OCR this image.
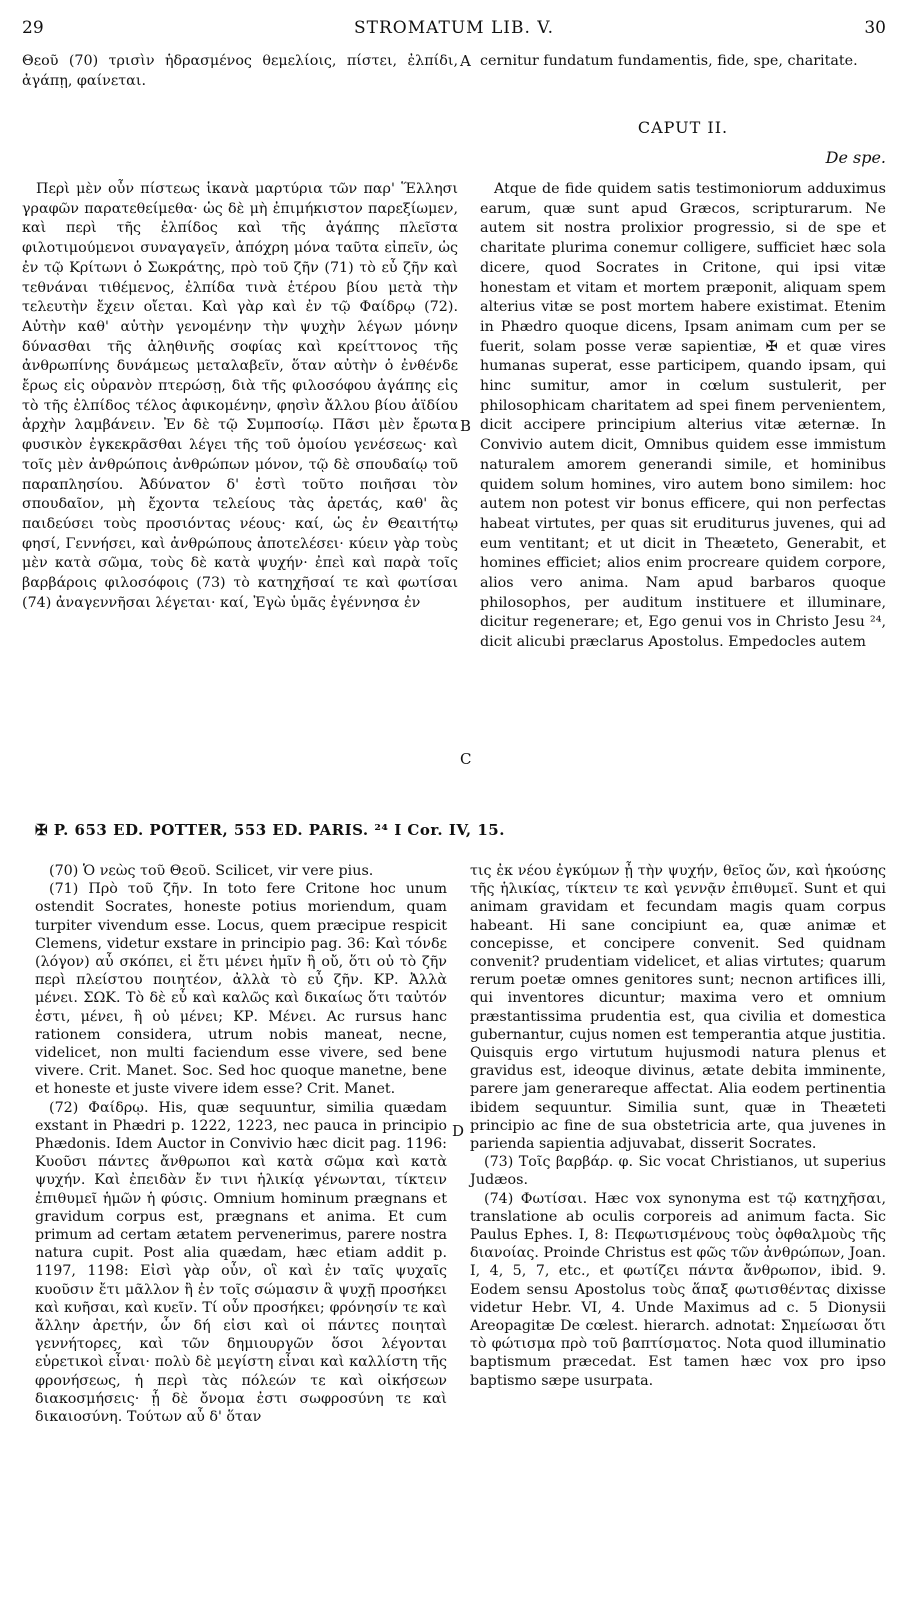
29	STROMATUM LIB. V.	30

Θεοῦ (70) τρισὶν ἡδρασμένος θεμελίοις, πίστει, ἐλπίδι, ἀγάπῃ, φαίνεται.

A cernitur fundatum fundamentis, fide, spe, charitate.

CAPUT II.
De spe.

Περὶ μὲν οὖν πίστεως ἱκανὰ μαρτύρια τῶν παρ' Ἕλλησι γραφῶν παρατεθείμεθα· ὡς δὲ μὴ ἐπιμήκιστον παρεξίωμεν, καὶ περὶ τῆς ἐλπίδος καὶ τῆς ἀγάπης πλεῖστα φιλοτιμούμενοι συναγαγεῖν, ἀπόχρη μόνα ταῦτα εἰπεῖν, ὡς ἐν τῷ Κρίτωνι ὁ Σωκράτης, πρὸ τοῦ ζῆν (71) τὸ εὖ ζῆν καὶ τεθνάναι τιθέμενος, ἐλπίδα τινὰ ἑτέρου βίου μετὰ τὴν τελευτὴν ἔχειν οἴεται. Καὶ γὰρ καὶ ἐν τῷ Φαίδρῳ (72). Αὐτὴν καθ' αὑτὴν γενομένην τὴν ψυχὴν λέγων μόνην δύνασθαι τῆς ἀληθινῆς σοφίας καὶ κρείττονος τῆς ἀνθρωπίνης δυνάμεως μεταλαβεῖν, ὅταν αὐτὴν ὁ ἐνθένδε ἔρως εἰς οὐρανὸν πτερώσῃ, διὰ τῆς φιλοσόφου ἀγάπης εἰς τὸ τῆς ἐλπίδος τέλος ἀφικομένην, φησὶν ἄλλου βίου ἀϊδίου ἀρχὴν λαμβάνειν. Ἐν δὲ τῷ Συμποσίῳ. Πᾶσι μὲν ἔρωτα φυσικὸν ἐγκεκρᾶσθαι λέγει τῆς τοῦ ὁμοίου γενέσεως· καὶ τοῖς μὲν ἀνθρώποις ἀνθρώπων μόνον, τῷ δὲ σπουδαίῳ τοῦ παραπλησίου. Ἀδύνατον δ' ἐστὶ τοῦτο ποιῆσαι τὸν σπουδαῖον, μὴ ἔχοντα τελείους τὰς ἀρετάς, καθ' ἃς παιδεύσει τοὺς προσιόντας νέους· καί, ὡς ἐν Θεαιτήτῳ φησί, Γεννήσει, καὶ ἀνθρώπους ἀποτελέσει· κύειν γὰρ τοὺς μὲν κατὰ σῶμα, τοὺς δὲ κατὰ ψυχήν· ἐπεὶ καὶ παρὰ τοῖς βαρβάροις φιλοσόφοις (73) τὸ κατηχῆσαί τε καὶ φωτίσαι (74) ἀναγεννῆσαι λέγεται· καί, Ἐγὼ ὑμᾶς ἐγέννησα ἐν

B
C

Atque de fide quidem satis testimoniorum adduximus earum, quæ sunt apud Græcos, scripturarum. Ne autem sit nostra prolixior progressio, si de spe et charitate plurima conemur colligere, sufficiet hæc sola dicere, quod Socrates in Critone, qui ipsi vitæ honestam et vitam et mortem præponit, aliquam spem alterius vitæ se post mortem habere existimat. Etenim in Phædro quoque dicens, Ipsam animam cum per se fuerit, solam posse veræ sapientiæ, ✠ et quæ vires humanas superat, esse participem, quando ipsam, qui hinc sumitur, amor in cœlum sustulerit, per philosophicam charitatem ad spei finem pervenientem, dicit accipere principium alterius vitæ æternæ. In Convivio autem dicit, Omnibus quidem esse immistum naturalem amorem generandi simile, et hominibus quidem solum homines, viro autem bono similem: hoc autem non potest vir bonus efficere, qui non perfectas habeat virtutes, per quas sit eruditurus juvenes, qui ad eum ventitant; et ut dicit in Theæteto, Generabit, et homines efficiet; alios enim procreare quidem corpore, alios vero anima. Nam apud barbaros quoque philosophos, per auditum instituere et illuminare, dicitur regenerare; et, Ego genui vos in Christo Jesu ²⁴, dicit alicubi præclarus Apostolus. Empedocles autem

✠ P. 653 ED. POTTER, 553 ED. PARIS. ²⁴ I Cor. IV, 15.

(70) Ὁ νεὼς τοῦ Θεοῦ. Scilicet, vir vere pius.

(71) Πρὸ τοῦ ζῆν. In toto fere Critone hoc unum ostendit Socrates, honeste potius moriendum, quam turpiter vivendum esse. Locus, quem præcipue respicit Clemens, videtur exstare in principio pag. 36: Καὶ τόνδε (λόγον) αὖ σκόπει, εἰ ἔτι μένει ἡμῖν ἢ οὔ, ὅτι οὐ τὸ ζῆν περὶ πλείστου ποιητέον, ἀλλὰ τὸ εὖ ζῆν. ΚΡ. Ἀλλὰ μένει. ΣΩΚ. Τὸ δὲ εὖ καὶ καλῶς καὶ δικαίως ὅτι ταὐτόν ἐστι, μένει, ἢ οὐ μένει; ΚΡ. Μένει. Ac rursus hanc rationem considera, utrum nobis maneat, necne, videlicet, non multi faciendum esse vivere, sed bene vivere. Crit. Manet. Soc. Sed hoc quoque manetne, bene et honeste et juste vivere idem esse? Crit. Manet.

(72) Φαίδρῳ. His, quæ sequuntur, similia quædam exstant in Phædri p. 1222, 1223, nec pauca in principio Phædonis. Idem Auctor in Convivio hæc dicit pag. 1196: Κυοῦσι πάντες ἄνθρωποι καὶ κατὰ σῶμα καὶ κατὰ ψυχήν. Καὶ ἐπειδὰν ἔν τινι ἡλικίᾳ γένωνται, τίκτειν ἐπιθυμεῖ ἡμῶν ἡ φύσις. Omnium hominum prægnans et gravidum corpus est, prægnans et anima. Et cum primum ad certam ætatem pervenerimus, parere nostra natura cupit. Post alia quædam, hæc etiam addit p. 1197, 1198: Εἰσὶ γὰρ οὖν, οἳ καὶ ἐν ταῖς ψυχαῖς κυοῦσιν ἔτι μᾶλλον ἢ ἐν τοῖς σώμασιν ἃ ψυχῇ προσήκει καὶ κυῆσαι, καὶ κυεῖν. Τί οὖν προσήκει; φρόνησίν τε καὶ ἄλλην ἀρετήν, ὧν δή εἰσι καὶ οἱ πάντες ποιηταὶ γεννήτορες, καὶ τῶν δημιουργῶν ὅσοι λέγονται εὑρετικοὶ εἶναι· πολὺ δὲ μεγίστη εἶναι καὶ καλλίστη τῆς φρονήσεως, ἡ περὶ τὰς πόλεών τε καὶ οἰκήσεων διακοσμήσεις· ᾗ δὲ ὄνομα ἐστι σωφροσύνη τε καὶ δικαιοσύνη. Τούτων αὖ δ' ὅταν

D

τις ἐκ νέου ἐγκύμων ᾖ τὴν ψυχήν, θεῖος ὤν, καὶ ἡκούσης τῆς ἡλικίας, τίκτειν τε καὶ γεννᾷν ἐπιθυμεῖ. Sunt et qui animam gravidam et fecundam magis quam corpus habeant. Hi sane concipiunt ea, quæ animæ et concepisse, et concipere convenit. Sed quidnam convenit? prudentiam videlicet, et alias virtutes; quarum rerum poetæ omnes genitores sunt; necnon artifices illi, qui inventores dicuntur; maxima vero et omnium præstantissima prudentia est, qua civilia et domestica gubernantur, cujus nomen est temperantia atque justitia. Quisquis ergo virtutum hujusmodi natura plenus et gravidus est, ideoque divinus, ætate debita imminente, parere jam generareque affectat. Alia eodem pertinentia ibidem sequuntur. Similia sunt, quæ in Theæteti principio ac fine de sua obstetricia arte, qua juvenes in parienda sapientia adjuvabat, disserit Socrates.

(73) Τοῖς βαρβάρ. φ. Sic vocat Christianos, ut superius Judæos.

(74) Φωτίσαι. Hæc vox synonyma est τῷ κατηχῆσαι, translatione ab oculis corporeis ad animum facta. Sic Paulus Ephes. I, 8: Πεφωτισμένους τοὺς ὀφθαλμοὺς τῆς διανοίας. Proinde Christus est φῶς τῶν ἀνθρώπων, Joan. I, 4, 5, 7, etc., et φωτίζει πάντα ἄνθρωπον, ibid. 9. Eodem sensu Apostolus τοὺς ἅπαξ φωτισθέντας dixisse videtur Hebr. VI, 4. Unde Maximus ad c. 5 Dionysii Areopagitæ De cœlest. hierarch. adnotat: Σημείωσαι ὅτι τὸ φώτισμα πρὸ τοῦ βαπτίσματος. Nota quod illuminatio baptismum præcedat. Est tamen hæc vox pro ipso baptismo sæpe usurpata.
